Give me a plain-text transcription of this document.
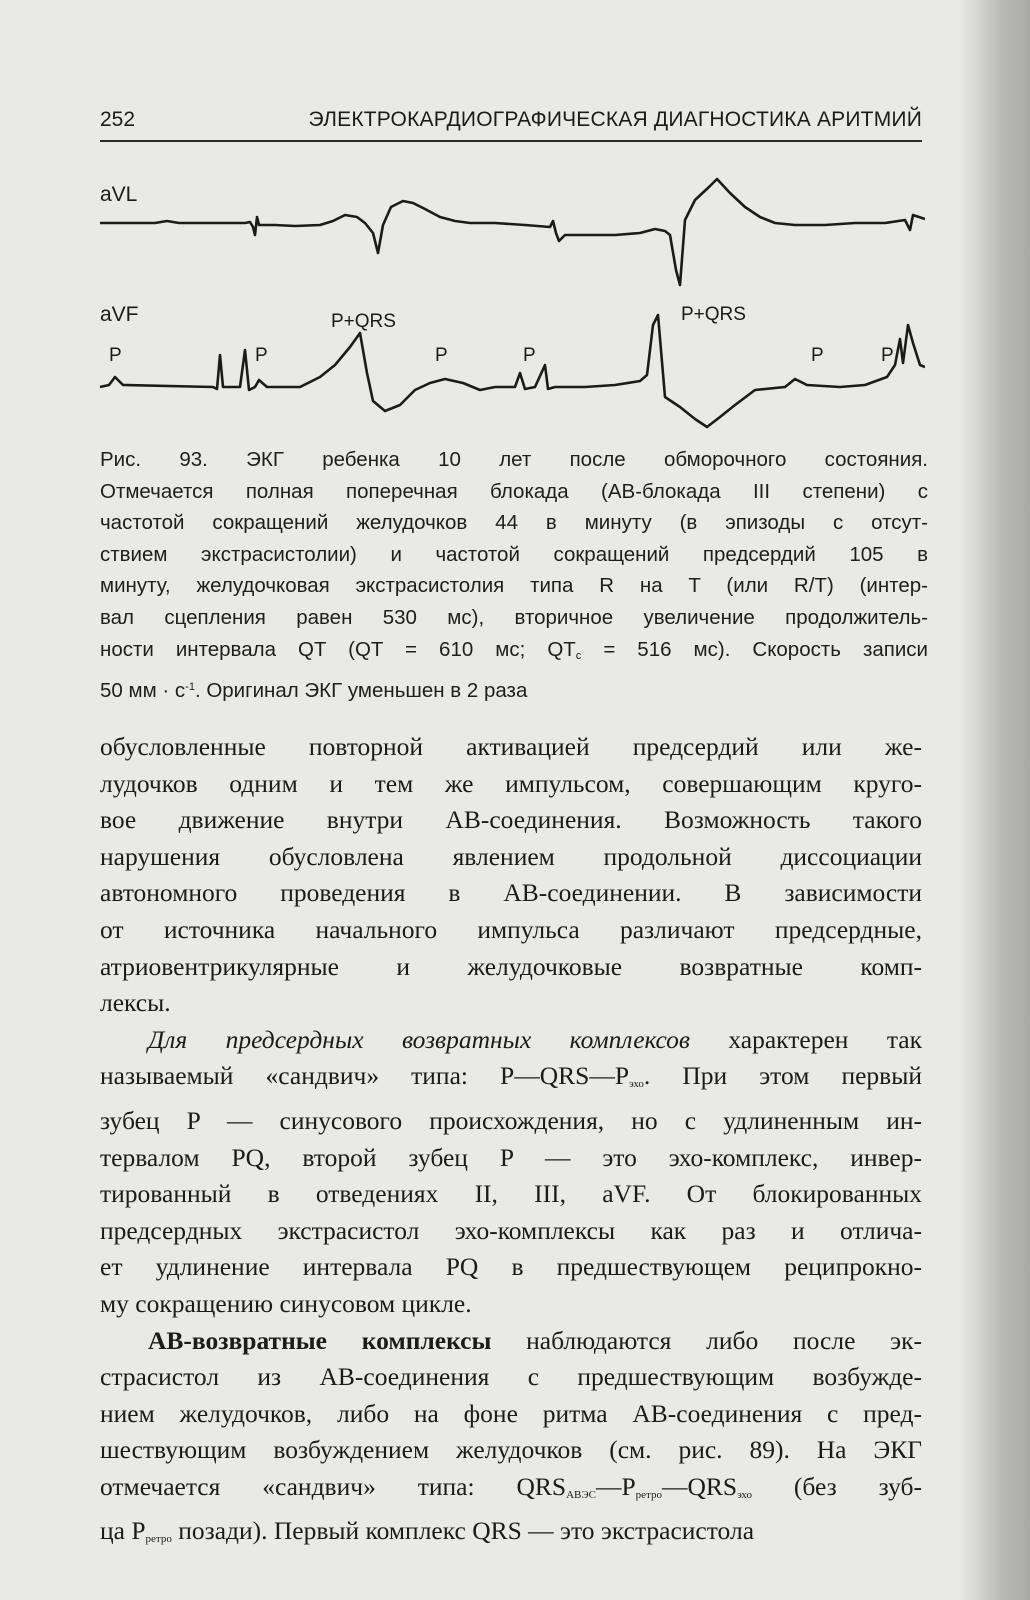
252	ЭЛЕКТРОКАРДИОГРАФИЧЕСКАЯ ДИАГНОСТИКА АРИТМИЙ
aVL
aVF	P+QRS	P+QRS
P	P	P	P	P	P
Рис. 93. ЭКГ ребенка 10 лет после обморочного состояния.
Отмечается полная поперечная блокада (АВ-блокада III степени) с
частотой сокращений желудочков 44 в минуту (в эпизоды с отсут-
ствием экстрасистолии) и частотой сокращений предсердий 105 в
минуту, желудочковая экстрасистолия типа R на T (или R/T) (интер-
вал сцепления равен 530 мс), вторичное увеличение продолжитель-
ности интервала QT (QT = 610 мс; $QT_c = 516$ мс). Скорость записи
50 мм · $с^{-1}$. Оригинал ЭКГ уменьшен в 2 раза
обусловленные повторной активацией предсердий или же-
лудочков одним и тем же импульсом, совершающим круго-
вое движение внутри АВ-соединения. Возможность такого
нарушения обусловлена явлением продольной диссоциации
автономного проведения в АВ-соединении. В зависимости
от источника начального импульса различают предсердные,
атриовентрикулярные и желудочковые возвратные комп-
лексы.
Для предсердных возвратных комплексов характерен так
называемый «сандвич» типа: $P—QRS—P_{эхо}$. При этом первый
зубец P — синусового происхождения, но с удлиненным ин-
тервалом PQ, второй зубец P — это эхо-комплекс, инвер-
тированный в отведениях II, III, aVF. От блокированных
предсердных экстрасистол эхо-комплексы как раз и отлича-
ет удлинение интервала PQ в предшествующем реципрокно-
му сокращению синусовом цикле.
АВ-возвратные комплексы наблюдаются либо после эк-
страсистол из АВ-соединения с предшествующим возбужде-
нием желудочков, либо на фоне ритма АВ-соединения с пред-
шествующим возбуждением желудочков (см. рис. 89). На ЭКГ
отмечается «сандвич» типа: $QRS_{АВЭС}—P_{ретро}—QRS_{эхо}$ (без зуб-
ца $P_{ретро}$ позади). Первый комплекс QRS — это экстрасистола
